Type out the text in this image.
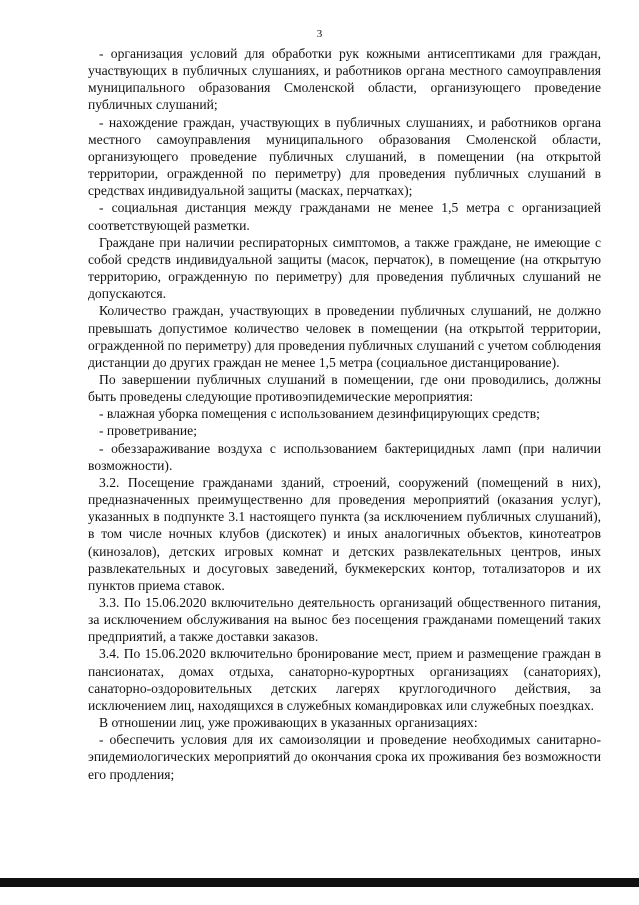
3

- организация условий для обработки рук кожными антисептиками для граждан, участвующих в публичных слушаниях, и работников органа местного самоуправления муниципального образования Смоленской области, организующего проведение публичных слушаний;

- нахождение граждан, участвующих в публичных слушаниях, и работников органа местного самоуправления муниципального образования Смоленской области, организующего проведение публичных слушаний, в помещении (на открытой территории, огражденной по периметру) для проведения публичных слушаний в средствах индивидуальной защиты (масках, перчатках);

- социальная дистанция между гражданами не менее 1,5 метра с организацией соответствующей разметки.

Граждане при наличии респираторных симптомов, а также граждане, не имеющие с собой средств индивидуальной защиты (масок, перчаток), в помещение (на открытую территорию, огражденную по периметру) для проведения публичных слушаний не допускаются.

Количество граждан, участвующих в проведении публичных слушаний, не должно превышать допустимое количество человек в помещении (на открытой территории, огражденной по периметру) для проведения публичных слушаний с учетом соблюдения дистанции до других граждан не менее 1,5 метра (социальное дистанцирование).

По завершении публичных слушаний в помещении, где они проводились, должны быть проведены следующие противоэпидемические мероприятия:

- влажная уборка помещения с использованием дезинфицирующих средств;

- проветривание;

- обеззараживание воздуха с использованием бактерицидных ламп (при наличии возможности).

3.2. Посещение гражданами зданий, строений, сооружений (помещений в них), предназначенных преимущественно для проведения мероприятий (оказания услуг), указанных в подпункте 3.1 настоящего пункта (за исключением публичных слушаний), в том числе ночных клубов (дискотек) и иных аналогичных объектов, кинотеатров (кинозалов), детских игровых комнат и детских развлекательных центров, иных развлекательных и досуговых заведений, букмекерских контор, тотализаторов и их пунктов приема ставок.

3.3. По 15.06.2020 включительно деятельность организаций общественного питания, за исключением обслуживания на вынос без посещения гражданами помещений таких предприятий, а также доставки заказов.

3.4. По 15.06.2020 включительно бронирование мест, прием и размещение граждан в пансионатах, домах отдыха, санаторно-курортных организациях (санаториях), санаторно-оздоровительных детских лагерях круглогодичного действия, за исключением лиц, находящихся в служебных командировках или служебных поездках.

В отношении лиц, уже проживающих в указанных организациях:

- обеспечить условия для их самоизоляции и проведение необходимых санитарно-эпидемиологических мероприятий до окончания срока их проживания без возможности его продления;
